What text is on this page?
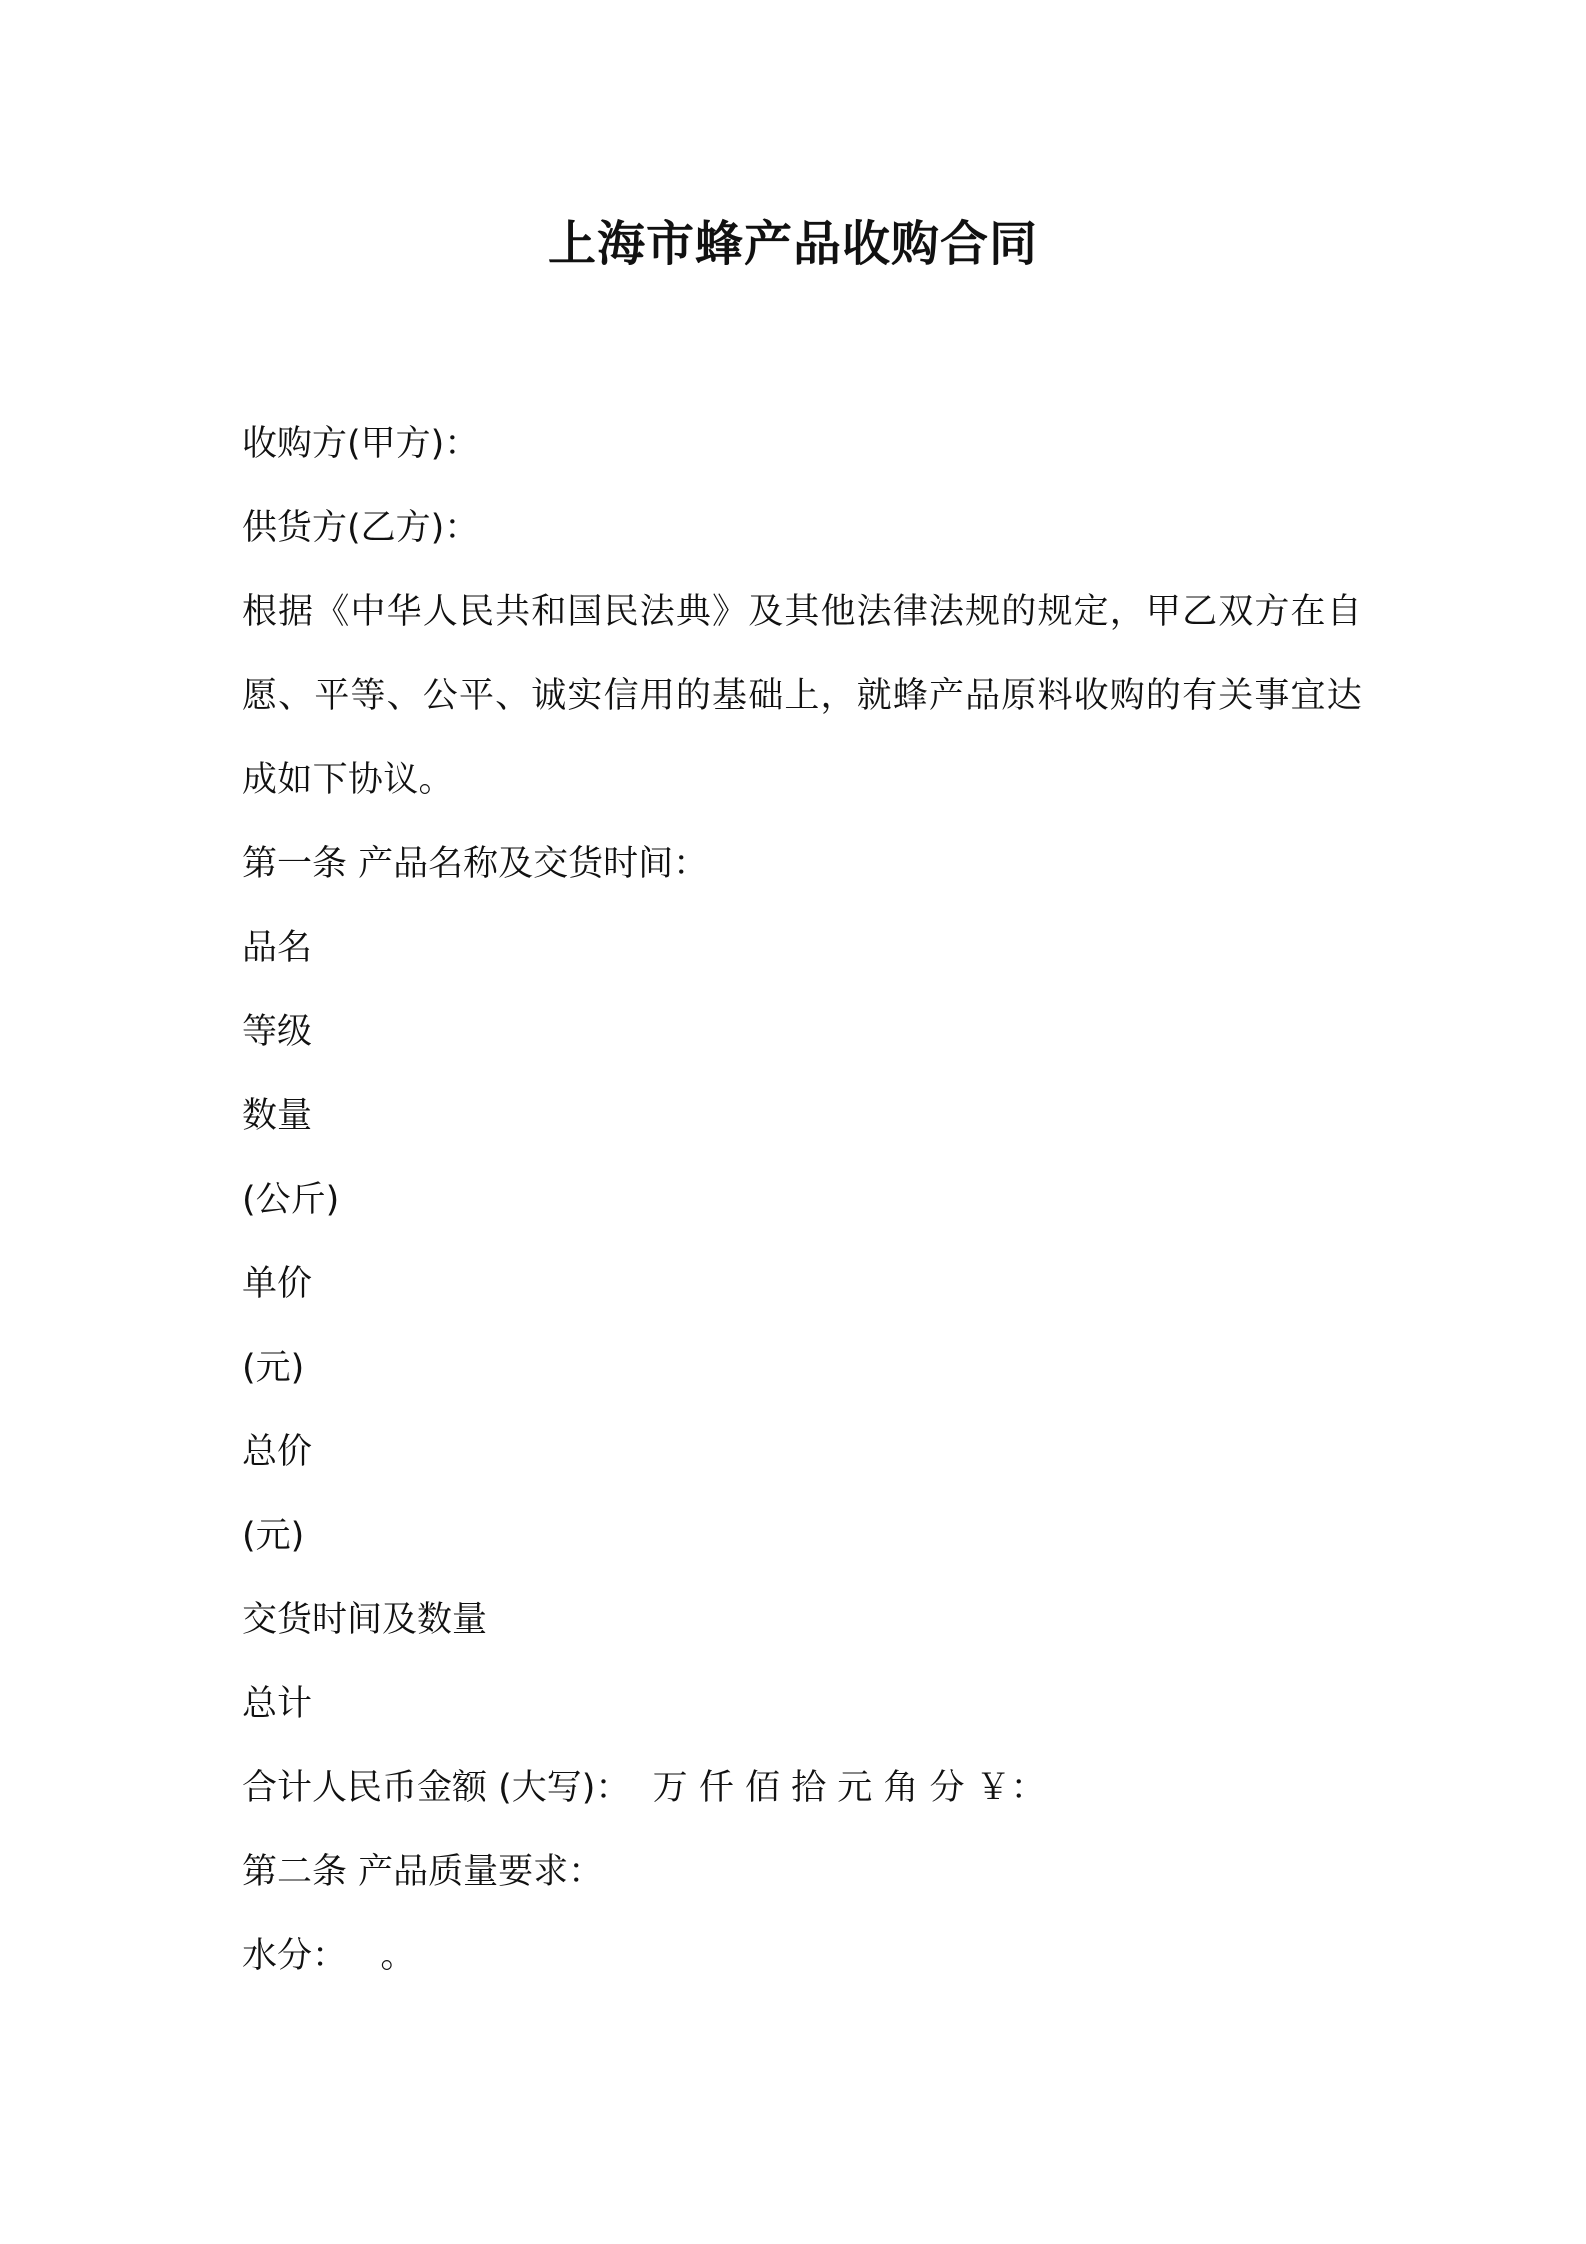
上海市蜂产品收购合同

收购方(甲方)：

供货方(乙方)：

根据《中华人民共和国民法典》及其他法律法规的规定，甲乙双方在自愿、平等、公平、诚实信用的基础上，就蜂产品原料收购的有关事宜达成如下协议。

第一条 产品名称及交货时间：

品名

等级

数量

(公斤)

单价

(元)

总价

(元)

交货时间及数量

总计

合计人民币金额 (大写)：  万 仟 佰 拾 元 角 分 ￥：

第二条 产品质量要求：

水分：   。
